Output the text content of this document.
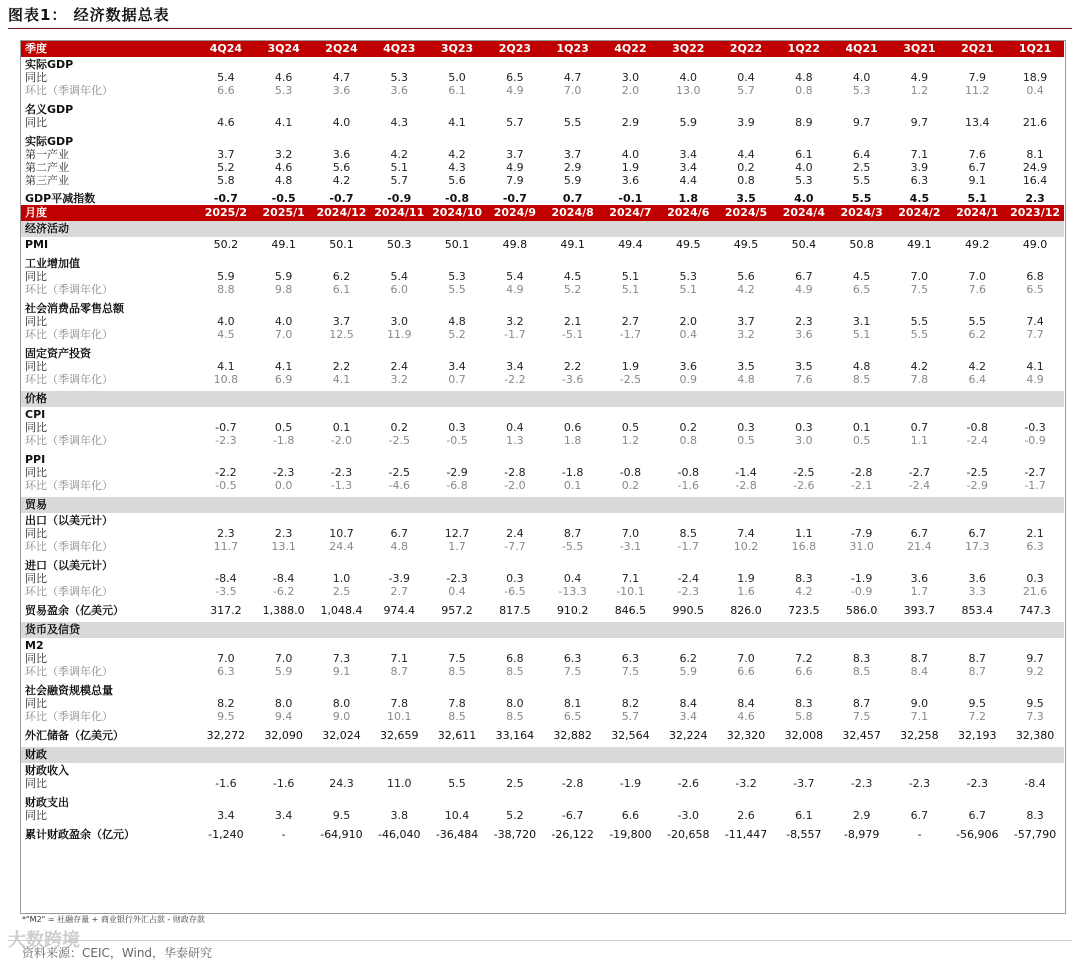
图表1： 经济数据总表
季度	4Q24	3Q24	2Q24	4Q23	3Q23	2Q23	1Q23	4Q22	3Q22	2Q22	1Q22	4Q21	3Q21	2Q21	1Q21
实际GDP															
同比	5.4	4.6	4.7	5.3	5.0	6.5	4.7	3.0	4.0	0.4	4.8	4.0	4.9	7.9	18.9
环比（季调年化）	6.6	5.3	3.6	3.6	6.1	4.9	7.0	2.0	13.0	5.7	0.8	5.3	1.2	11.2	0.4

名义GDP															
同比	4.6	4.1	4.0	4.3	4.1	5.7	5.5	2.9	5.9	3.9	8.9	9.7	9.7	13.4	21.6

实际GDP															
第一产业	3.7	3.2	3.6	4.2	4.2	3.7	3.7	4.0	3.4	4.4	6.1	6.4	7.1	7.6	8.1
第二产业	5.2	4.6	5.6	5.1	4.3	4.9	2.9	1.9	3.4	0.2	4.0	2.5	3.9	6.7	24.9
第三产业	5.8	4.8	4.2	5.7	5.6	7.9	5.9	3.6	4.4	0.8	5.3	5.5	6.3	9.1	16.4

GDP平减指数	-0.7	-0.5	-0.7	-0.9	-0.8	-0.7	0.7	-0.1	1.8	3.5	4.0	5.5	4.5	5.1	2.3
月度	2025/2	2025/1	2024/12	2024/11	2024/10	2024/9	2024/8	2024/7	2024/6	2024/5	2024/4	2024/3	2024/2	2024/1	2023/12
经济活动															
PMI	50.2	49.1	50.1	50.3	50.1	49.8	49.1	49.4	49.5	49.5	50.4	50.8	49.1	49.2	49.0

工业增加值															
同比	5.9	5.9	6.2	5.4	5.3	5.4	4.5	5.1	5.3	5.6	6.7	4.5	7.0	7.0	6.8
环比（季调年化）	8.8	9.8	6.1	6.0	5.5	4.9	5.2	5.1	5.1	4.2	4.9	6.5	7.5	7.6	6.5

社会消费品零售总额															
同比	4.0	4.0	3.7	3.0	4.8	3.2	2.1	2.7	2.0	3.7	2.3	3.1	5.5	5.5	7.4
环比（季调年化）	4.5	7.0	12.5	11.9	5.2	-1.7	-5.1	-1.7	0.4	3.2	3.6	5.1	5.5	6.2	7.7

固定资产投资															
同比	4.1	4.1	2.2	2.4	3.4	3.4	2.2	1.9	3.6	3.5	3.5	4.8	4.2	4.2	4.1
环比（季调年化）	10.8	6.9	4.1	3.2	0.7	-2.2	-3.6	-2.5	0.9	4.8	7.6	8.5	7.8	6.4	4.9

价格															
CPI															
同比	-0.7	0.5	0.1	0.2	0.3	0.4	0.6	0.5	0.2	0.3	0.3	0.1	0.7	-0.8	-0.3
环比（季调年化）	-2.3	-1.8	-2.0	-2.5	-0.5	1.3	1.8	1.2	0.8	0.5	3.0	0.5	1.1	-2.4	-0.9

PPI															
同比	-2.2	-2.3	-2.3	-2.5	-2.9	-2.8	-1.8	-0.8	-0.8	-1.4	-2.5	-2.8	-2.7	-2.5	-2.7
环比（季调年化）	-0.5	0.0	-1.3	-4.6	-6.8	-2.0	0.1	0.2	-1.6	-2.8	-2.6	-2.1	-2.4	-2.9	-1.7

贸易															
出口（以美元计）															
同比	2.3	2.3	10.7	6.7	12.7	2.4	8.7	7.0	8.5	7.4	1.1	-7.9	6.7	6.7	2.1
环比（季调年化）	11.7	13.1	24.4	4.8	1.7	-7.7	-5.5	-3.1	-1.7	10.2	16.8	31.0	21.4	17.3	6.3

进口（以美元计）															
同比	-8.4	-8.4	1.0	-3.9	-2.3	0.3	0.4	7.1	-2.4	1.9	8.3	-1.9	3.6	3.6	0.3
环比（季调年化）	-3.5	-6.2	2.5	2.7	0.4	-6.5	-13.3	-10.1	-2.3	1.6	4.2	-0.9	1.7	3.3	21.6

贸易盈余（亿美元）	317.2	1,388.0	1,048.4	974.4	957.2	817.5	910.2	846.5	990.5	826.0	723.5	586.0	393.7	853.4	747.3

货币及信贷															
M2															
同比	7.0	7.0	7.3	7.1	7.5	6.8	6.3	6.3	6.2	7.0	7.2	8.3	8.7	8.7	9.7
环比（季调年化）	6.3	5.9	9.1	8.7	8.5	8.5	7.5	7.5	5.9	6.6	6.6	8.5	8.4	8.7	9.2

社会融资规模总量															
同比	8.2	8.0	8.0	7.8	7.8	8.0	8.1	8.2	8.4	8.4	8.3	8.7	9.0	9.5	9.5
环比（季调年化）	9.5	9.4	9.0	10.1	8.5	8.5	6.5	5.7	3.4	4.6	5.8	7.5	7.1	7.2	7.3

外汇储备（亿美元）	32,272	32,090	32,024	32,659	32,611	33,164	32,882	32,564	32,224	32,320	32,008	32,457	32,258	32,193	32,380

财政															
财政收入															
同比	-1.6	-1.6	24.3	11.0	5.5	2.5	-2.8	-1.9	-2.6	-3.2	-3.7	-2.3	-2.3	-2.3	-8.4

财政支出															
同比	3.4	3.4	9.5	3.8	10.4	5.2	-6.7	6.6	-3.0	2.6	6.1	2.9	6.7	6.7	8.3

累计财政盈余（亿元）	-1,240	-	-64,910	-46,040	-36,484	-38,720	-26,122	-19,800	-20,658	-11,447	-8,557	-8,979	-	-56,906	-57,790

*"M2" = 社融存量 + 商业银行外汇占款 - 财政存款
大数跨境
资料来源：CEIC，Wind，华泰研究
